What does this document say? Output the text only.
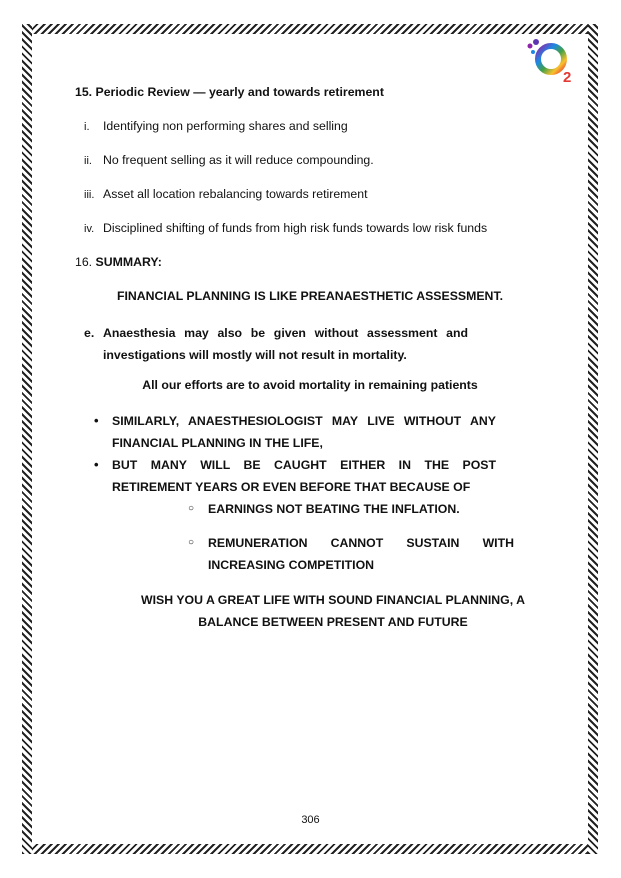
2
15. Periodic Review — yearly and towards retirement
i. Identifying non performing shares and selling
ii. No frequent selling as it will reduce compounding.
iii. Asset all location rebalancing towards retirement
iv. Disciplined shifting of funds from high risk funds towards low risk funds
16. SUMMARY:
FINANCIAL PLANNING IS LIKE PREANAESTHETIC ASSESSMENT.
e. Anaesthesia may also be given without assessment and investigations will mostly will not result in mortality.
All our efforts are to avoid mortality in remaining patients
• SIMILARLY, ANAESTHESIOLOGIST MAY LIVE WITHOUT ANY FINANCIAL PLANNING IN THE LIFE,
• BUT MANY WILL BE CAUGHT EITHER IN THE POST RETIREMENT YEARS OR EVEN BEFORE THAT BECAUSE OF
○ EARNINGS NOT BEATING THE INFLATION.
○ REMUNERATION CANNOT SUSTAIN WITH INCREASING COMPETITION
WISH YOU A GREAT LIFE WITH SOUND FINANCIAL PLANNING, A BALANCE BETWEEN PRESENT AND FUTURE
306
